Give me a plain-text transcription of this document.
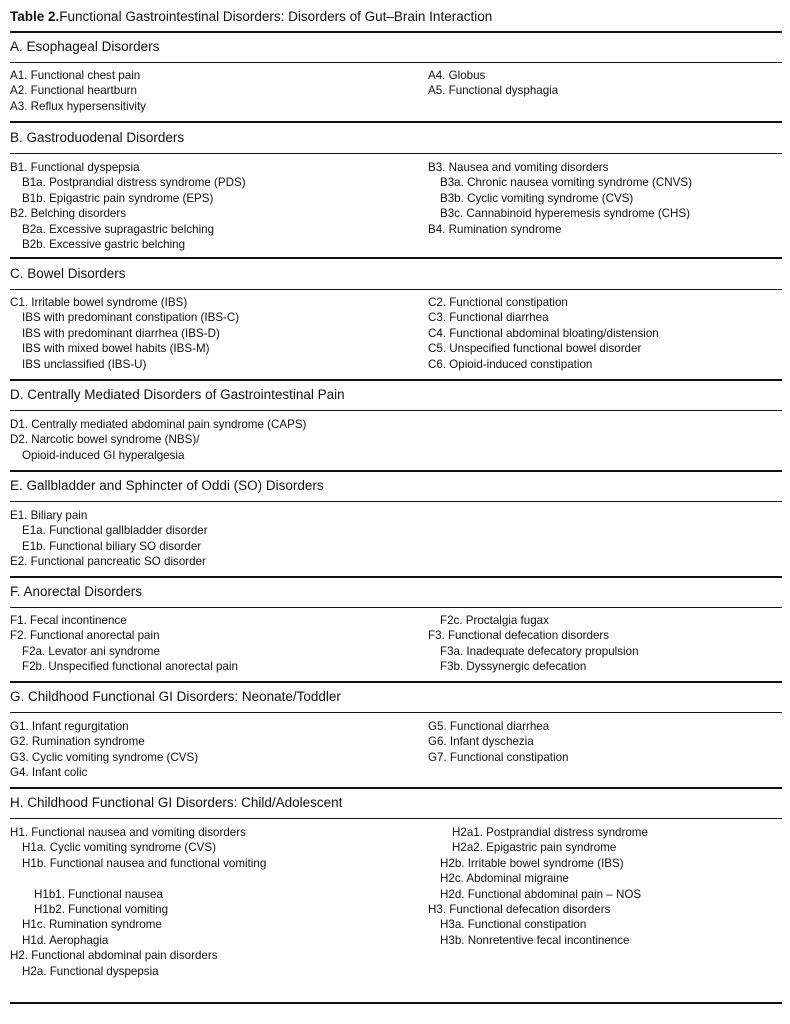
Table 2.Functional Gastrointestinal Disorders: Disorders of Gut–Brain Interaction
A. Esophageal Disorders
A1. Functional chest pain
A2. Functional heartburn
A3. Reflux hypersensitivity
A4. Globus
A5. Functional dysphagia
B. Gastroduodenal Disorders
B1. Functional dyspepsia
B1a. Postprandial distress syndrome (PDS)
B1b. Epigastric pain syndrome (EPS)
B2. Belching disorders
B2a. Excessive supragastric belching
B2b. Excessive gastric belching
B3. Nausea and vomiting disorders
B3a. Chronic nausea vomiting syndrome (CNVS)
B3b. Cyclic vomiting syndrome (CVS)
B3c. Cannabinoid hyperemesis syndrome (CHS)
B4. Rumination syndrome
C. Bowel Disorders
C1. Irritable bowel syndrome (IBS)
IBS with predominant constipation (IBS-C)
IBS with predominant diarrhea (IBS-D)
IBS with mixed bowel habits (IBS-M)
IBS unclassified (IBS-U)
C2. Functional constipation
C3. Functional diarrhea
C4. Functional abdominal bloating/distension
C5. Unspecified functional bowel disorder
C6. Opioid-induced constipation
D. Centrally Mediated Disorders of Gastrointestinal Pain
D1. Centrally mediated abdominal pain syndrome (CAPS)
D2. Narcotic bowel syndrome (NBS)/
Opioid-induced GI hyperalgesia
E. Gallbladder and Sphincter of Oddi (SO) Disorders
E1. Biliary pain
E1a. Functional gallbladder disorder
E1b. Functional biliary SO disorder
E2. Functional pancreatic SO disorder
F. Anorectal Disorders
F1. Fecal incontinence
F2. Functional anorectal pain
F2a. Levator ani syndrome
F2b. Unspecified functional anorectal pain
F2c. Proctalgia fugax
F3. Functional defecation disorders
F3a. Inadequate defecatory propulsion
F3b. Dyssynergic defecation
G. Childhood Functional GI Disorders: Neonate/Toddler
G1. Infant regurgitation
G2. Rumination syndrome
G3. Cyclic vomiting syndrome (CVS)
G4. Infant colic
G5. Functional diarrhea
G6. Infant dyschezia
G7. Functional constipation
H. Childhood Functional GI Disorders: Child/Adolescent
H1. Functional nausea and vomiting disorders
H1a. Cyclic vomiting syndrome (CVS)
H1b. Functional nausea and functional vomiting
H1b1. Functional nausea
H1b2. Functional vomiting
H1c. Rumination syndrome
H1d. Aerophagia
H2. Functional abdominal pain disorders
H2a. Functional dyspepsia
H2a1. Postprandial distress syndrome
H2a2. Epigastric pain syndrome
H2b. Irritable bowel syndrome (IBS)
H2c. Abdominal migraine
H2d. Functional abdominal pain – NOS
H3. Functional defecation disorders
H3a. Functional constipation
H3b. Nonretentive fecal incontinence
